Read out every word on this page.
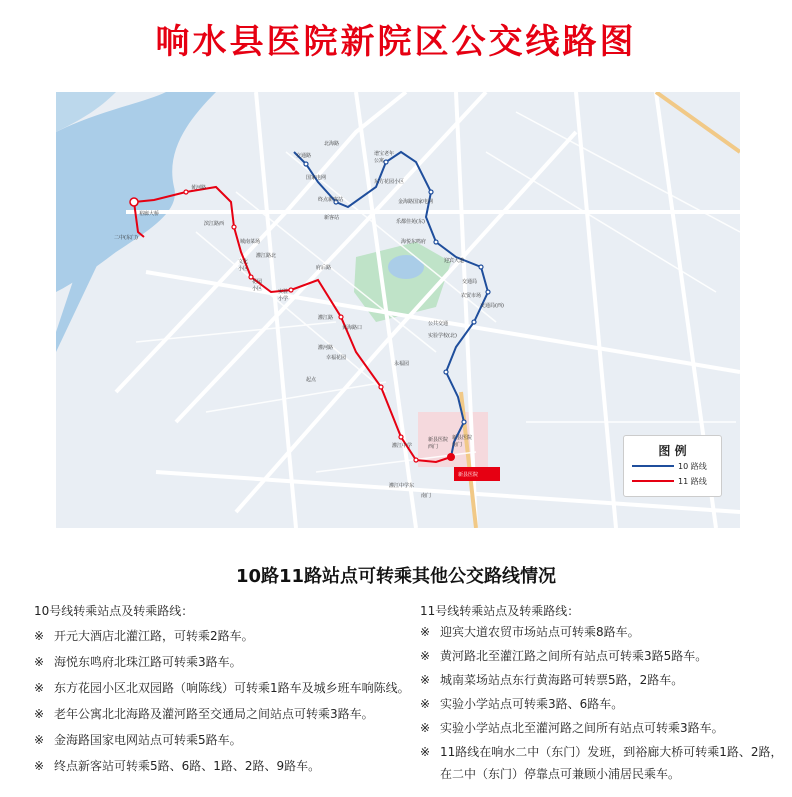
响水县医院新院区公交线路图
交通路
北海路
谱宝老年公寓
东方花园小区
金海路国家电网
新客站
国家电网
终点新客站
乐都佳苑(东)
海悦东鸣府
迎宾大道
交通局
农贸市场
公共交通
交通局(西)
黄河路
裕廊大桥
二中(东门)
滨江路西
城南菜场
灌江路北
文化小区
花园小区
府后路
实验小学
灌江路
黄海路口
灌河路
幸福花园
实验学校(北)
永福园
新县医院西门
新县医院南门
灌江中学
灌江中学东
南门
起点
新县医院
图 例
10 路线
11 路线
10路11路站点可转乘其他公交路线情况
10号线转乘站点及转乘路线：
※ 开元大酒店北灌江路，可转乘2路车。
※ 海悦东鸣府北珠江路可转乘3路车。
※ 东方花园小区北双园路（响陈线）可转乘1路车及城乡班车响陈线。
※ 老年公寓北北海路及灌河路至交通局之间站点可转乘3路车。
※ 金海路国家电网站点可转乘5路车。
※ 终点新客站可转乘5路、6路、1路、2路、9路车。
11号线转乘站点及转乘路线：
※ 迎宾大道农贸市场站点可转乘8路车。
※ 黄河路北至灌江路之间所有站点可转乘3路5路车。
※ 城南菜场站点东行黄海路可转票5路，2路车。
※ 实验小学站点可转乘3路、6路车。
※ 实验小学站点北至灌河路之间所有站点可转乘3路车。
※ 11路线在响水二中（东门）发班，到裕廊大桥可转乘1路、2路，
在二中（东门）停靠点可兼顾小浦居民乘车。
